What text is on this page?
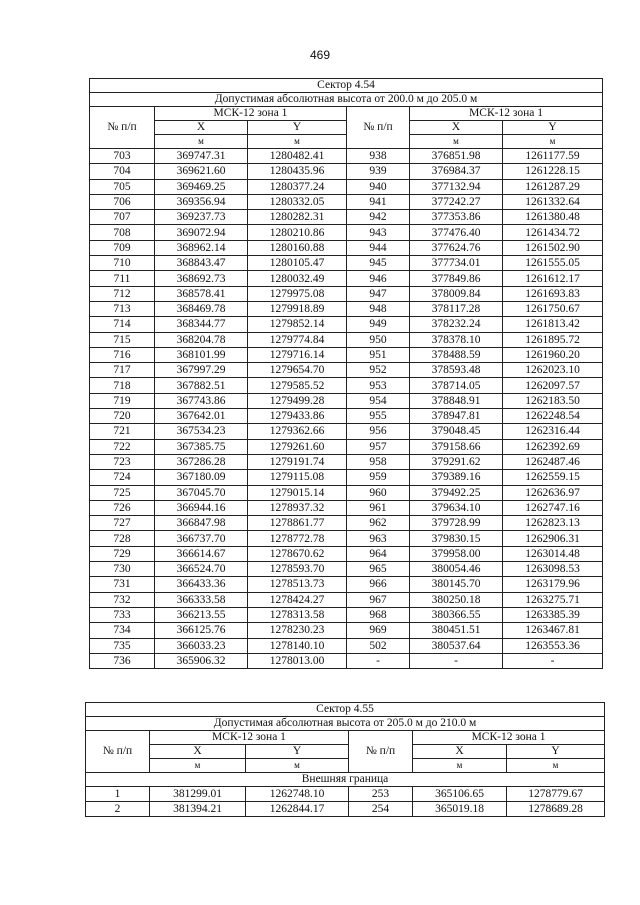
469
Сектор 4.54					
Допустимая абсолютная высота от 200.0 м до 205.0 м					
№ п/п	МСК-12 зона 1		№ п/п	МСК-12 зона 1	
	X	Y		X	Y
	м	м		м	м
703	369747.31	1280482.41	938	376851.98	1261177.59
704	369621.60	1280435.96	939	376984.37	1261228.15
705	369469.25	1280377.24	940	377132.94	1261287.29
706	369356.94	1280332.05	941	377242.27	1261332.64
707	369237.73	1280282.31	942	377353.86	1261380.48
708	369072.94	1280210.86	943	377476.40	1261434.72
709	368962.14	1280160.88	944	377624.76	1261502.90
710	368843.47	1280105.47	945	377734.01	1261555.05
711	368692.73	1280032.49	946	377849.86	1261612.17
712	368578.41	1279975.08	947	378009.84	1261693.83
713	368469.78	1279918.89	948	378117.28	1261750.67
714	368344.77	1279852.14	949	378232.24	1261813.42
715	368204.78	1279774.84	950	378378.10	1261895.72
716	368101.99	1279716.14	951	378488.59	1261960.20
717	367997.29	1279654.70	952	378593.48	1262023.10
718	367882.51	1279585.52	953	378714.05	1262097.57
719	367743.86	1279499.28	954	378848.91	1262183.50
720	367642.01	1279433.86	955	378947.81	1262248.54
721	367534.23	1279362.66	956	379048.45	1262316.44
722	367385.75	1279261.60	957	379158.66	1262392.69
723	367286.28	1279191.74	958	379291.62	1262487.46
724	367180.09	1279115.08	959	379389.16	1262559.15
725	367045.70	1279015.14	960	379492.25	1262636.97
726	366944.16	1278937.32	961	379634.10	1262747.16
727	366847.98	1278861.77	962	379728.99	1262823.13
728	366737.70	1278772.78	963	379830.15	1262906.31
729	366614.67	1278670.62	964	379958.00	1263014.48
730	366524.70	1278593.70	965	380054.46	1263098.53
731	366433.36	1278513.73	966	380145.70	1263179.96
732	366333.58	1278424.27	967	380250.18	1263275.71
733	366213.55	1278313.58	968	380366.55	1263385.39
734	366125.76	1278230.23	969	380451.51	1263467.81
735	366033.23	1278140.10	502	380537.64	1263553.36
736	365906.32	1278013.00	-	-	-
Сектор 4.55					
Допустимая абсолютная высота от 205.0 м до 210.0 м					
№ п/п	МСК-12 зона 1		№ п/п	МСК-12 зона 1	
	X	Y		X	Y
	м	м		м	м
Внешняя граница					
1	381299.01	1262748.10	253	365106.65	1278779.67
2	381394.21	1262844.17	254	365019.18	1278689.28
